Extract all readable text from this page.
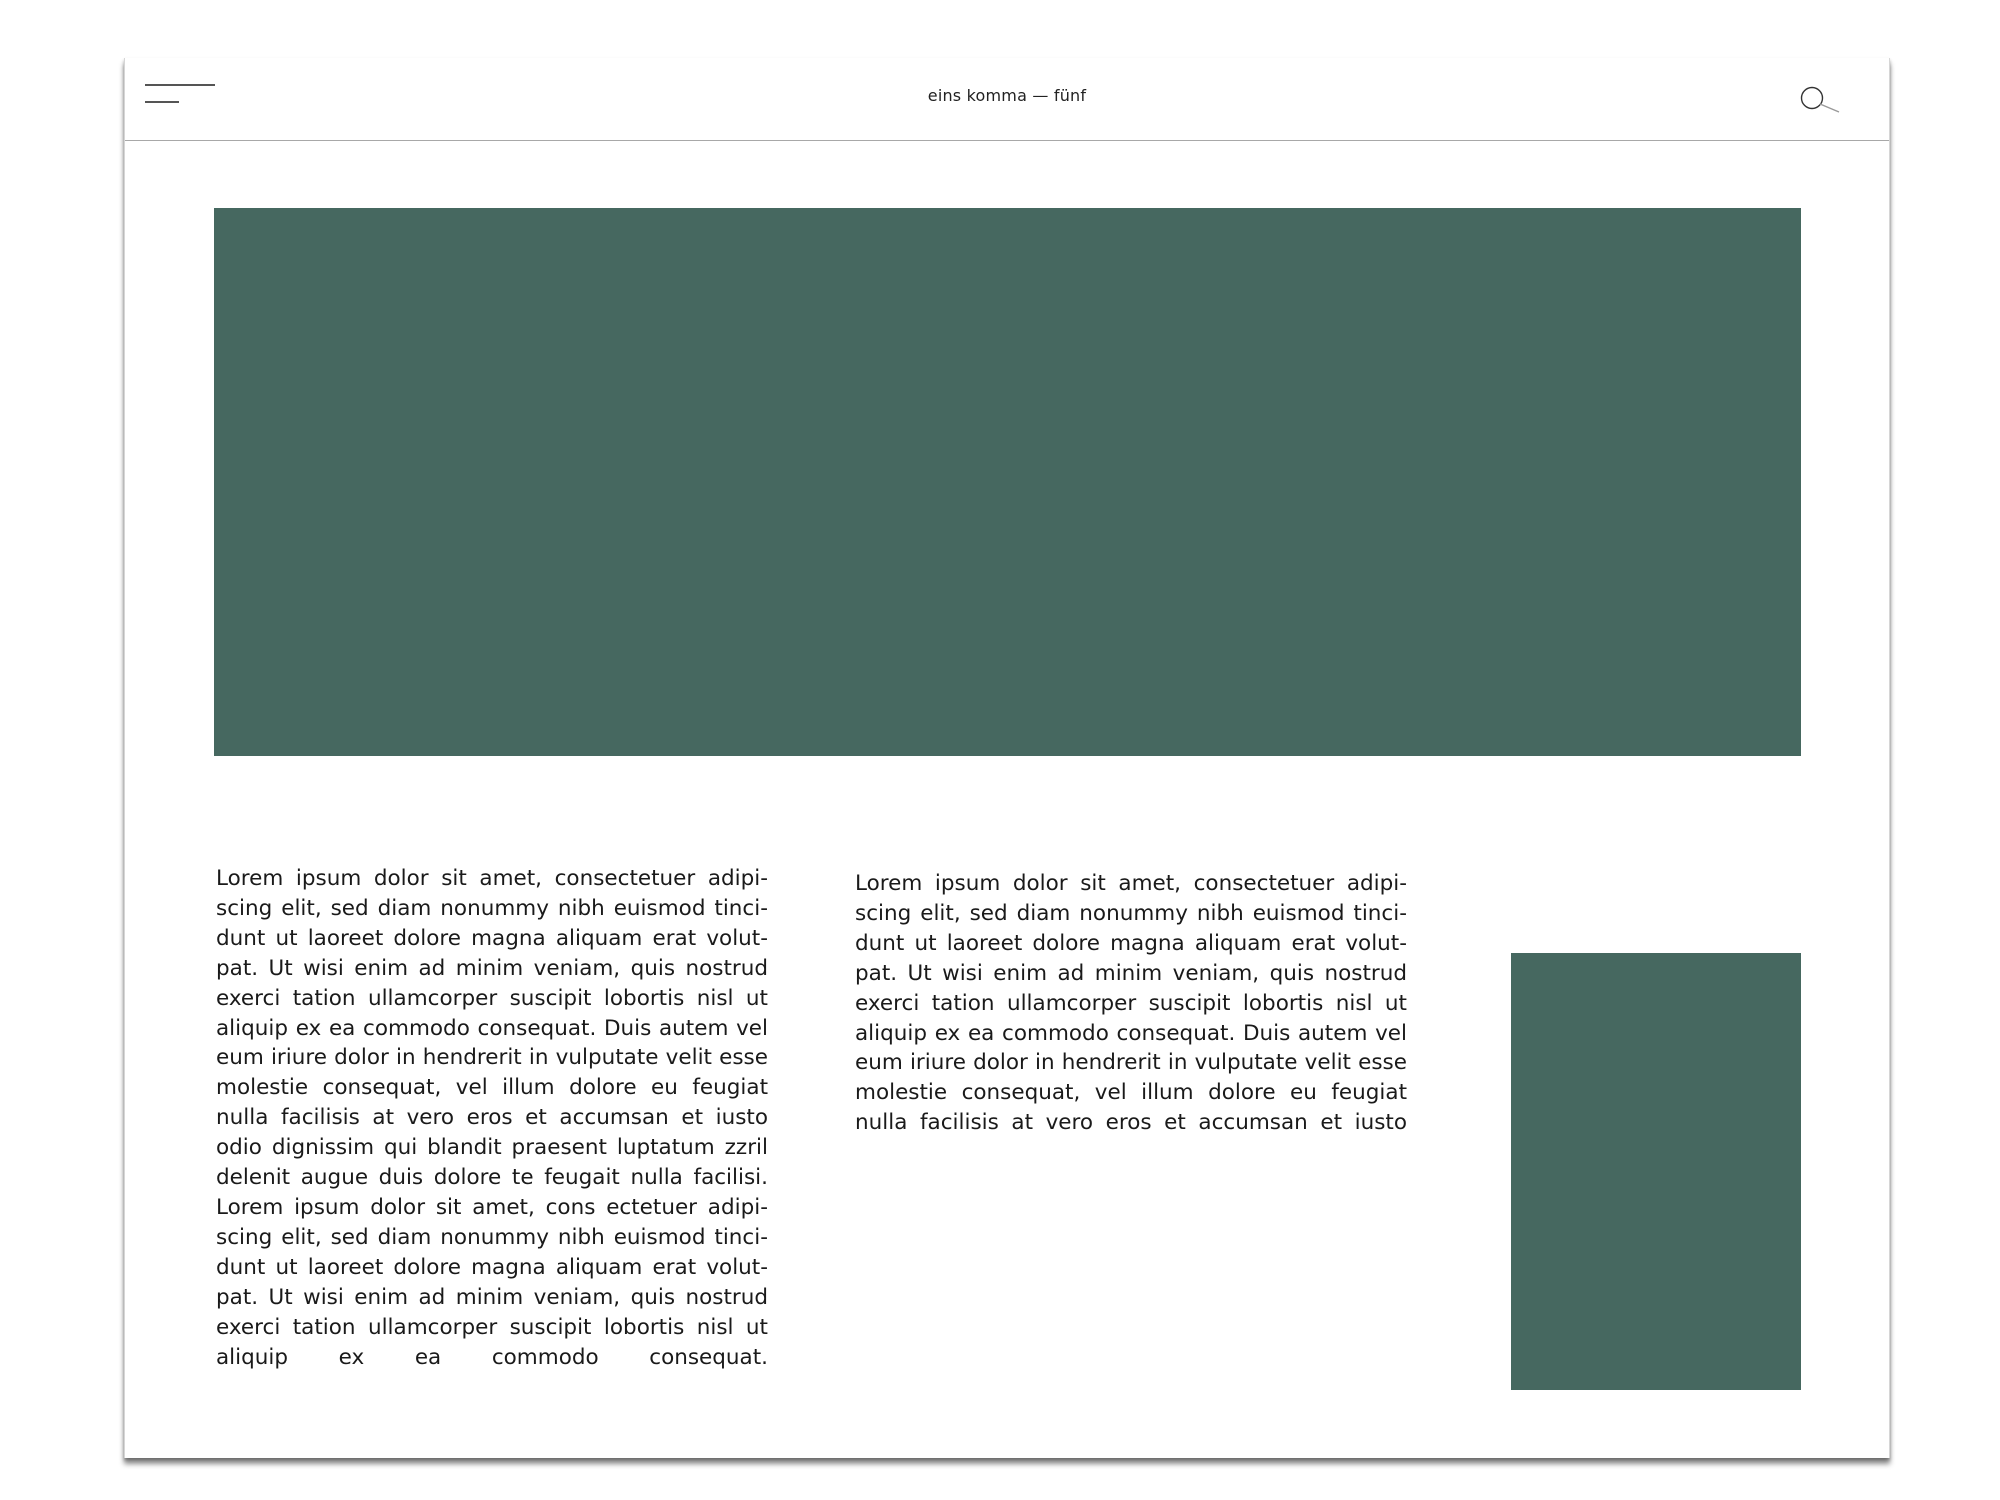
eins komma — fünf

Lorem ipsum dolor sit amet, consectetuer adipi-
scing elit, sed diam nonummy nibh euismod tinci-
dunt ut laoreet dolore magna aliquam erat volut-
pat. Ut wisi enim ad minim veniam, quis nostrud
exerci tation ullamcorper suscipit lobortis nisl ut
aliquip ex ea commodo consequat. Duis autem vel
eum iriure dolor in hendrerit in vulputate velit esse
molestie consequat, vel illum dolore eu feugiat
nulla facilisis at vero eros et accumsan et iusto
odio dignissim qui blandit praesent luptatum zzril
delenit augue duis dolore te feugait nulla facilisi.
Lorem ipsum dolor sit amet, cons ectetuer adipi-
scing elit, sed diam nonummy nibh euismod tinci-
dunt ut laoreet dolore magna aliquam erat volut-
pat. Ut wisi enim ad minim veniam, quis nostrud
exerci tation ullamcorper suscipit lobortis nisl ut
aliquip ex ea commodo consequat.

Lorem ipsum dolor sit amet, consectetuer adipi-
scing elit, sed diam nonummy nibh euismod tinci-
dunt ut laoreet dolore magna aliquam erat volut-
pat. Ut wisi enim ad minim veniam, quis nostrud
exerci tation ullamcorper suscipit lobortis nisl ut
aliquip ex ea commodo consequat. Duis autem vel
eum iriure dolor in hendrerit in vulputate velit esse
molestie consequat, vel illum dolore eu feugiat
nulla facilisis at vero eros et accumsan et iusto
